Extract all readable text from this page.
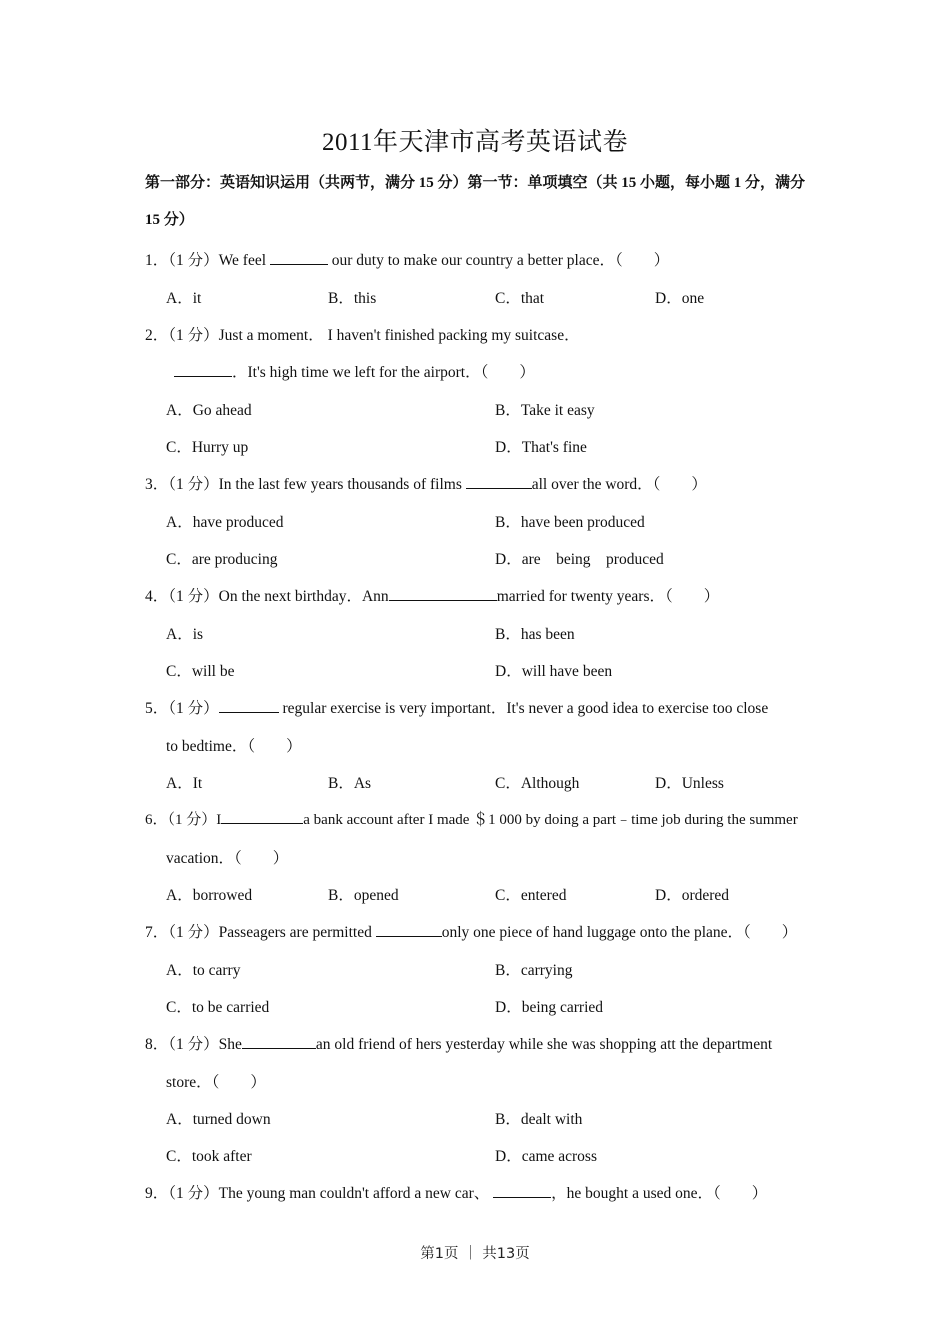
2011年天津市高考英语试卷
第一部分：英语知识运用（共两节，满分 15 分）第一节：单项填空（共 15 小题，每小题 1 分，满分 15 分）
1．（1 分）We feel	our duty to make our country a better place．（　　）
A．it	B．this	C．that	D．one
2．（1 分）Just a moment． I haven't finished packing my suitcase．
．It's high time we left for the airport．（　　）
A．Go ahead	B．Take it easy
C．Hurry up	D．That's fine
3．（1 分）In the last few years thousands of films	all over the word．（　　）
A．have produced	B．have been produced
C．are producing	D．are　being　produced
4．（1 分）On the next birthday．Ann	married for twenty years．（　　）
A．is	B．has been
C．will be	D．will have been
5．（1 分）	regular exercise is very important．It's never a good idea to exercise too close
to bedtime．（　　）
A．It	B．As	C．Although	D．Unless
6．（1 分）I	a bank account after I made ＄1 000 by doing a part﹣time job during the summer
vacation．（　　）
A．borrowed	B．opened	C．entered	D．ordered
7．（1 分）Passeagers are permitted	only one piece of hand luggage onto the plane．（　　）
A．to carry	B．carrying
C．to be carried	D．being carried
8．（1 分）She	an old friend of hers yesterday while she was shopping att the department
store．（　　）
A．turned down	B．dealt with
C．took after	D．came across
9．（1 分）The young man couldn't afford a new car、	，he bought a used one．（　　）
第1页 ｜ 共13页
